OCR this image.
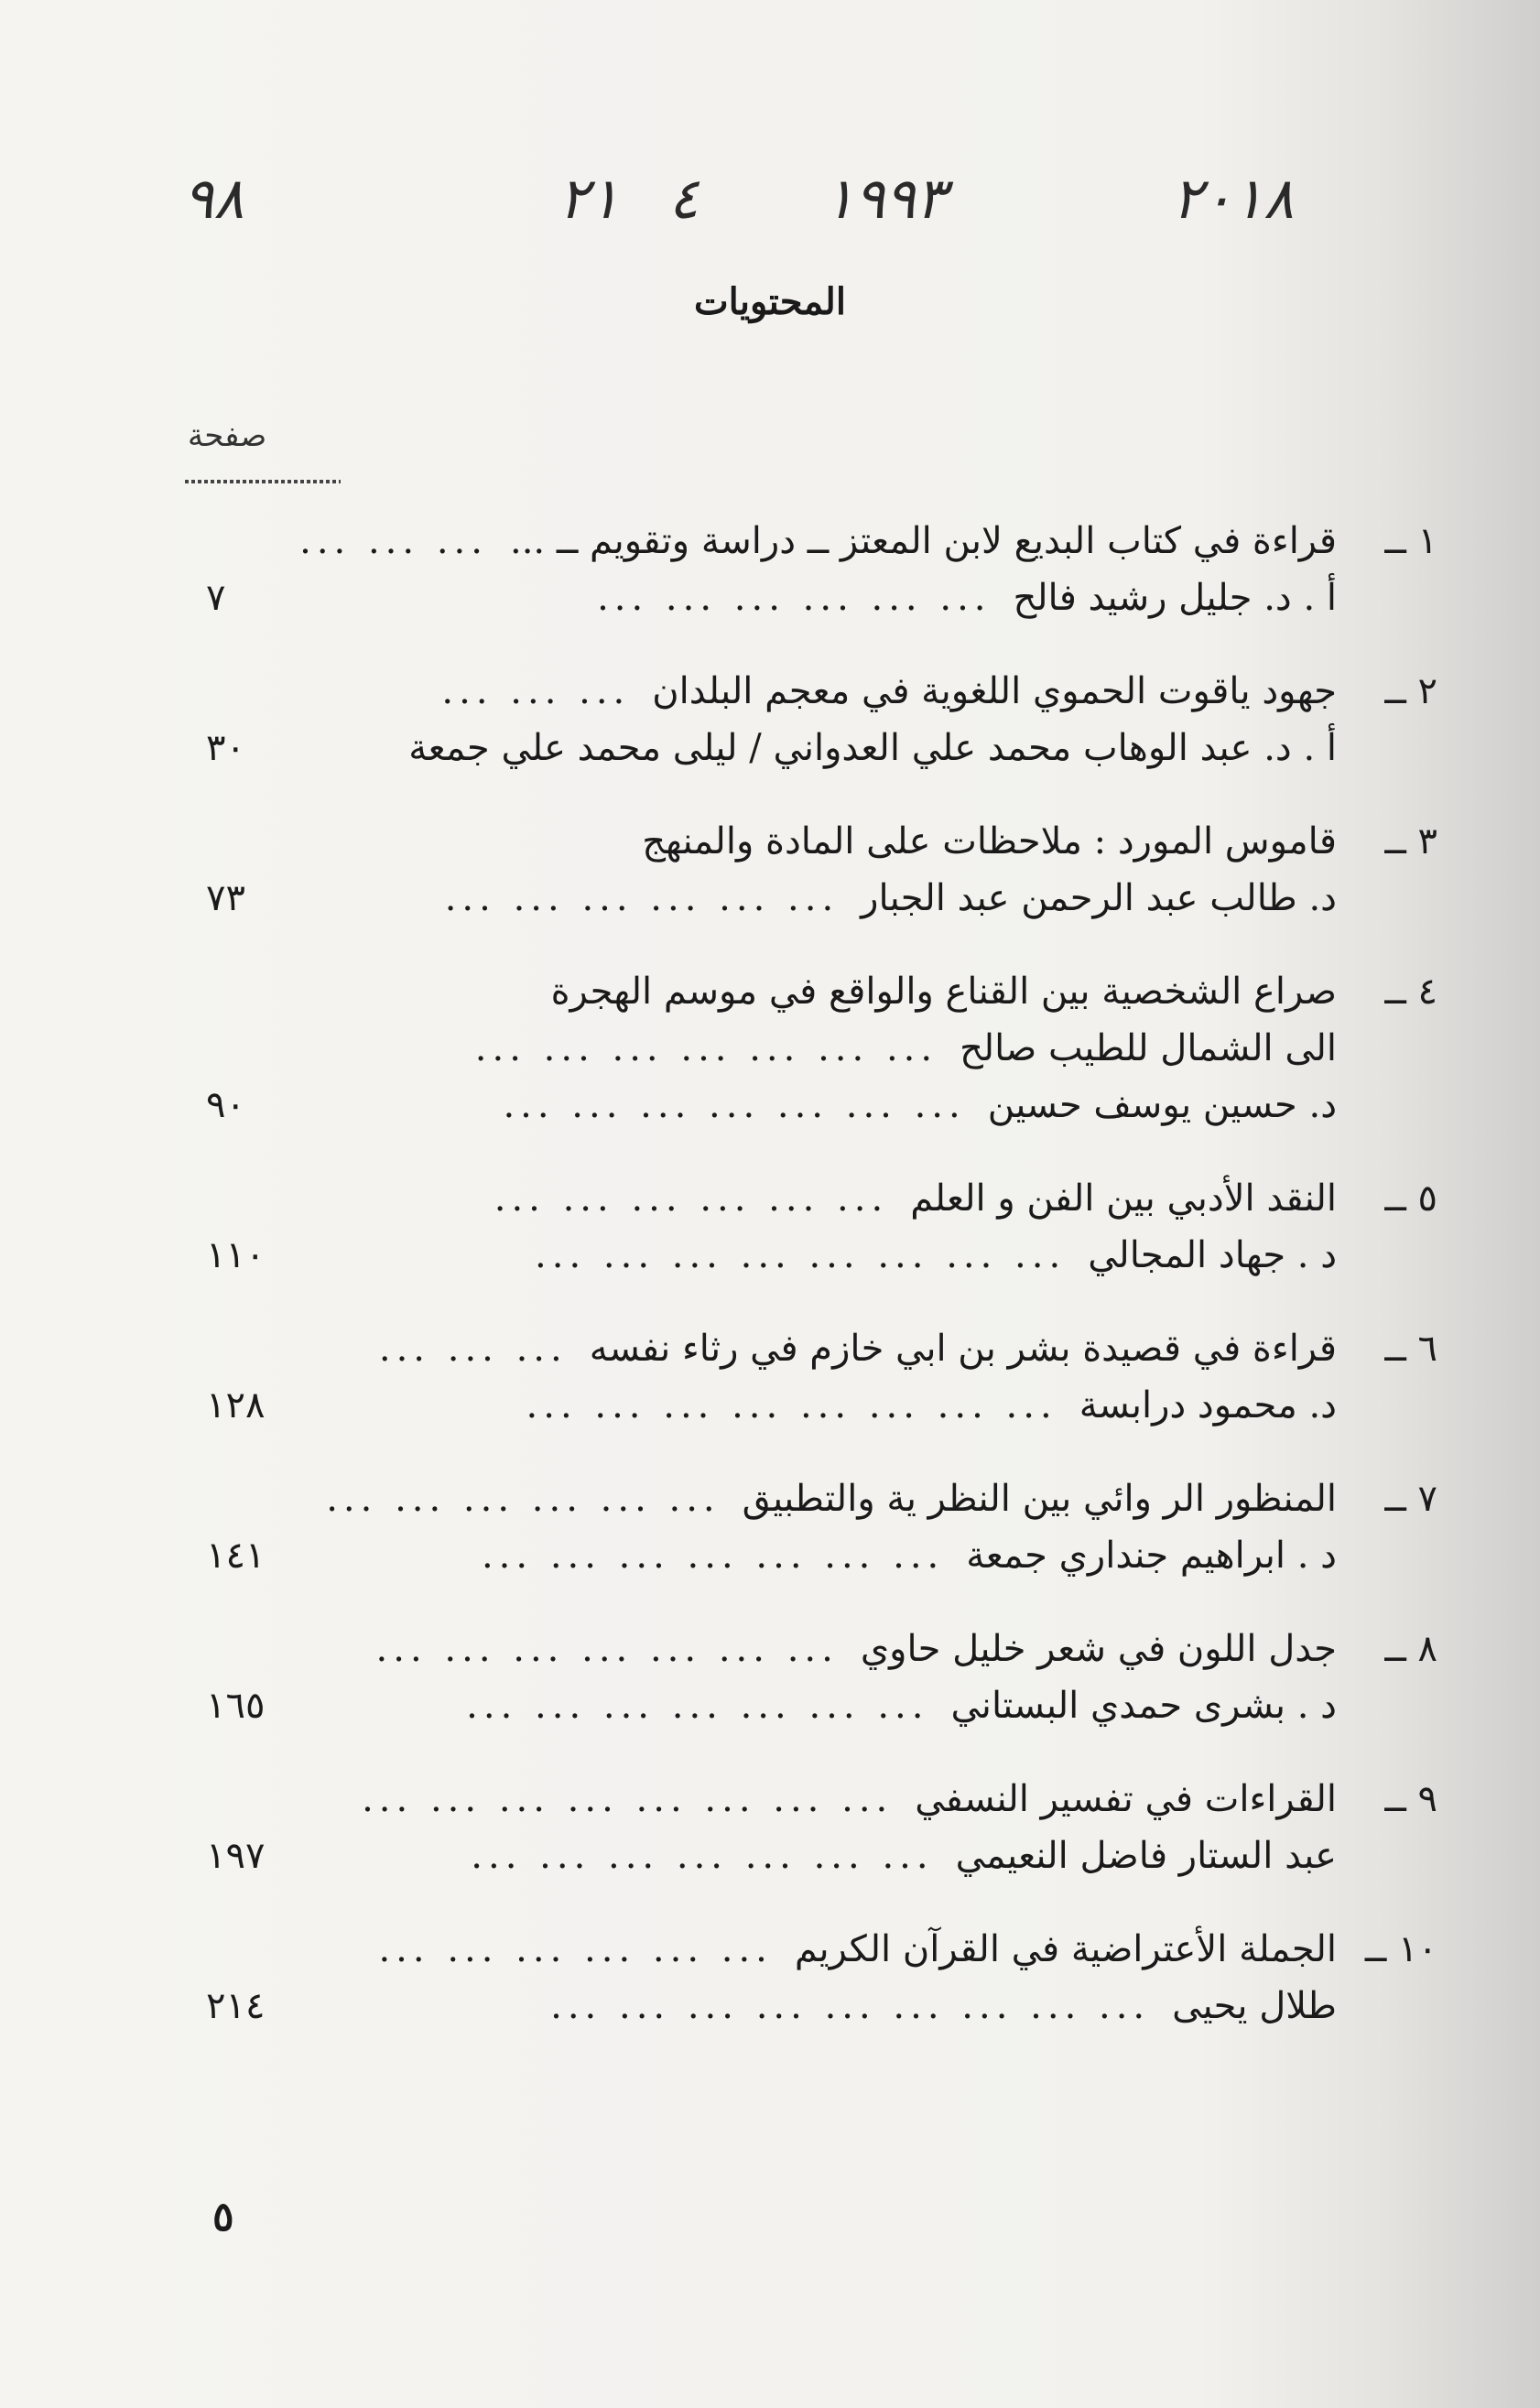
٩٨	٢١ ٤ ١٩٩٣	٢٠١٨
المحتويات
صفحة
١ ــ
قراءة في كتاب البديع لابن المعتز ــ دراسة وتقويم ــ ...
... ... ...
أ . د. جليل رشيد فالح
... ... ... ... ... ...
٧
٢ ــ
جهود ياقوت الحموي اللغوية في معجم البلدان
... ... ...
أ . د. عبد الوهاب محمد علي العدواني / ليلى محمد علي جمعة
٣٠
٣ ــ
قاموس المورد : ملاحظات على المادة والمنهج
د. طالب عبد الرحمن عبد الجبار
... ... ... ... ... ...
٧٣
٤ ــ
صراع الشخصية بين القناع والواقع في موسم الهجرة
الى الشمال للطيب صالح
... ... ... ... ... ... ...
د. حسين يوسف حسين
... ... ... ... ... ... ...
٩٠
٥ ــ
النقد الأدبي بين الفن و العلم
... ... ... ... ... ...
د . جهاد المجالي
... ... ... ... ... ... ... ...
١١٠
٦ ــ
قراءة في قصيدة بشر بن ابي خازم في رثاء نفسه
... ... ...
د. محمود درابسة
... ... ... ... ... ... ... ...
١٢٨
٧ ــ
المنظور الر وائي بين النظر ية والتطبيق
... ... ... ... ... ...
د . ابراهيم جنداري جمعة
... ... ... ... ... ... ...
١٤١
٨ ــ
جدل اللون في شعر خليل حاوي
... ... ... ... ... ... ...
د . بشرى حمدي البستاني
... ... ... ... ... ... ...
١٦٥
٩ ــ
القراءات في تفسير النسفي
... ... ... ... ... ... ... ...
عبد الستار فاضل النعيمي
... ... ... ... ... ... ...
١٩٧
١٠ ــ
الجملة الأعتراضية في القرآن الكريم
... ... ... ... ... ...
طلال يحيى
... ... ... ... ... ... ... ... ...
٢١٤
٥
